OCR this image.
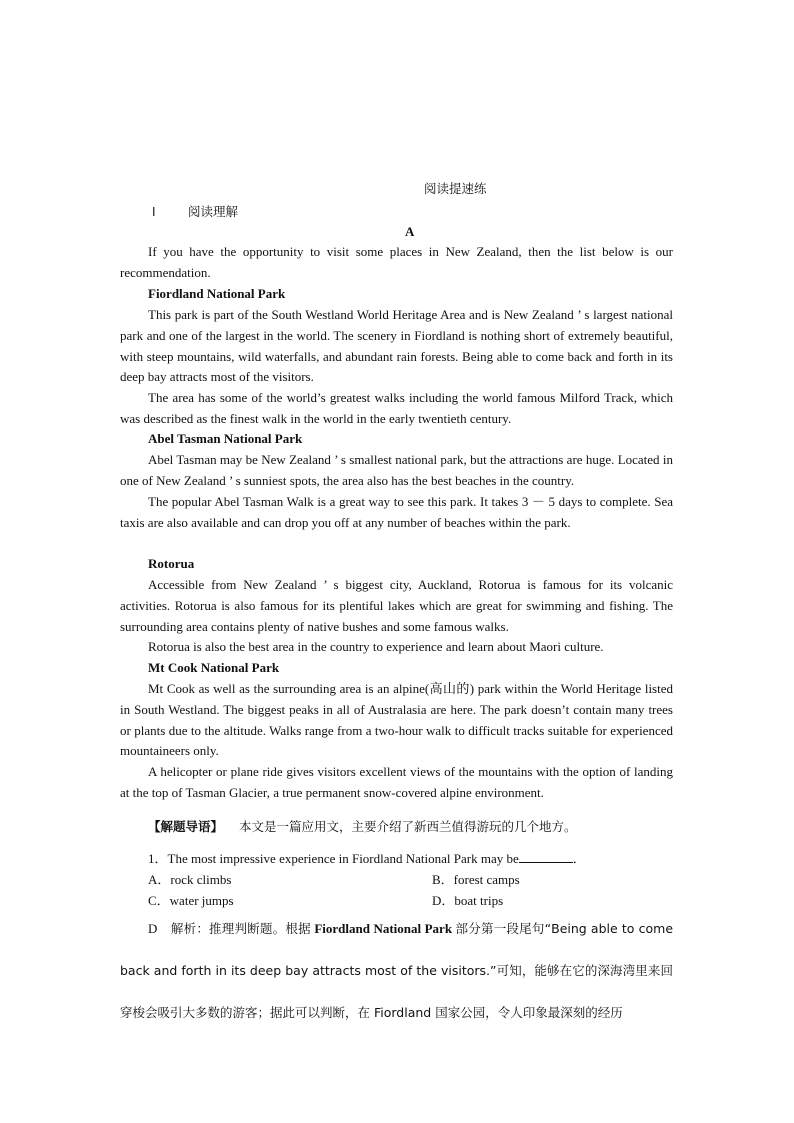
阅读提速练
Ⅰ	阅读理解
A

If you have the opportunity to visit some places in New Zealand, then the list below is our recommendation.

Fiordland National Park

This park is part of the South Westland World Heritage Area and is New Zealand ’ s largest national park and one of the largest in the world. The scenery in Fiordland is nothing short of extremely beautiful, with steep mountains, wild waterfalls, and abundant rain forests. Being able to come back and forth in its deep bay attracts most of the visitors.

The area has some of the world’s greatest walks including the world famous Milford Track, which was described as the finest walk in the world in the early twentieth century.

Abel Tasman National Park

Abel Tasman may be New Zealand ’ s smallest national park, but the attractions are huge. Located in one of New Zealand ’ s sunniest spots, the area also has the best beaches in the country.

The popular Abel Tasman Walk is a great way to see this park. It takes 3 － 5 days to complete. Sea taxis are also available and can drop you off at any number of beaches within the park.

Rotorua

Accessible from New Zealand ’ s biggest city, Auckland, Rotorua is famous for its volcanic activities. Rotorua is also famous for its plentiful lakes which are great for swimming and fishing. The surrounding area contains plenty of native bushes and some famous walks.

Rotorua is also the best area in the country to experience and learn about Maori culture.

Mt Cook National Park

Mt Cook as well as the surrounding area is an alpine(高山的) park within the World Heritage listed in South Westland. The biggest peaks in all of Australasia are here. The park doesn’t contain many trees or plants due to the altitude. Walks range from a two-hour walk to difficult tracks suitable for experienced mountaineers only.

A helicopter or plane ride gives visitors excellent views of the mountains with the option of landing at the top of Tasman Glacier, a true permanent snow-covered alpine environment.

【解题导语】 本文是一篇应用文，主要介绍了新西兰值得游玩的几个地方。
1．The most impressive experience in Fiordland National Park may be	．
A．rock climbs	B．forest camps
C．water jumps	D．boat trips

D　 解析：推理判断题。根据 Fiordland National Park 部分第一段尾句“Being able to come back and forth in its deep bay attracts most of the visitors.”可知，能够在它的深海湾里来回穿梭会吸引大多数的游客；据此可以判断，在 Fiordland 国家公园，令人印象最深刻的经历
